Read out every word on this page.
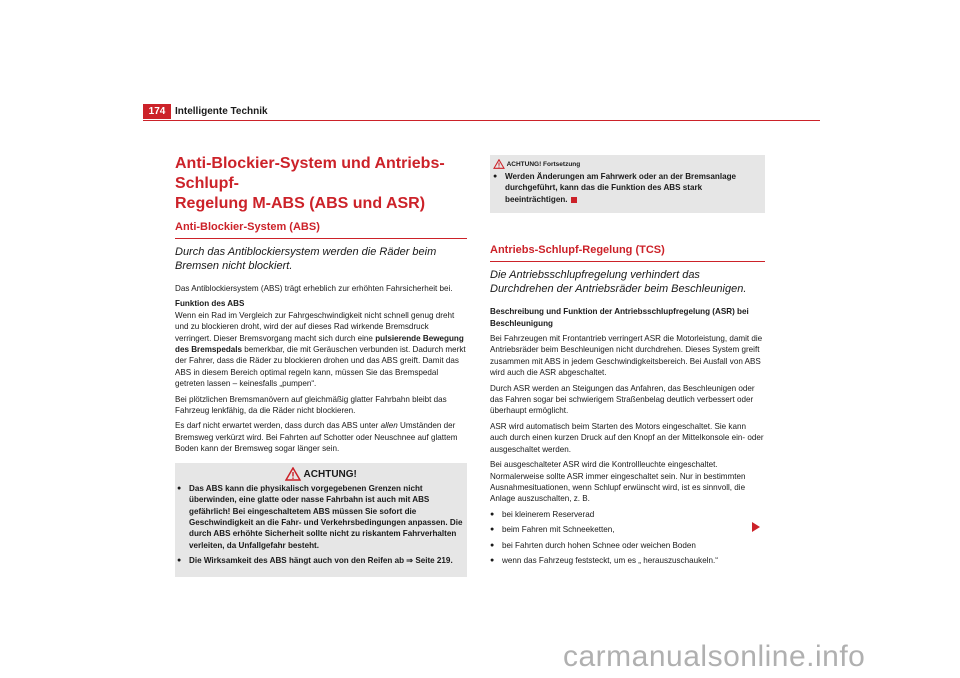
174 Intelligente Technik
Anti-Blockier-System und Antriebs-Schlupf-
Regelung M-ABS (ABS und ASR)
Anti-Blockier-System (ABS)
Durch das Antiblockiersystem werden die Räder beim Bremsen nicht blockiert.

Das Antiblockiersystem (ABS) trägt erheblich zur erhöhten Fahrsicherheit bei.

Funktion des ABS
Wenn ein Rad im Vergleich zur Fahrgeschwindigkeit nicht schnell genug dreht und zu blockieren droht, wird der auf dieses Rad wirkende Bremsdruck verringert. Dieser Bremsvorgang macht sich durch eine pulsierende Bewegung des Bremspedals bemerkbar, die mit Geräuschen verbunden ist. Dadurch merkt der Fahrer, dass die Räder zu blockieren drohen und das ABS greift. Damit das ABS in diesem Bereich optimal regeln kann, müssen Sie das Bremspedal getreten lassen – keinesfalls „pumpen“.

Bei plötzlichen Bremsmanövern auf gleichmäßig glatter Fahrbahn bleibt das Fahrzeug lenkfähig, da die Räder nicht blockieren.

Es darf nicht erwartet werden, dass durch das ABS unter allen Umständen der Bremsweg verkürzt wird. Bei Fahrten auf Schotter oder Neuschnee auf glattem Boden kann der Bremsweg sogar länger sein.

ACHTUNG!

● Das ABS kann die physikalisch vorgegebenen Grenzen nicht überwinden, eine glatte oder nasse Fahrbahn ist auch mit ABS gefährlich! Bei eingeschaltetem ABS müssen Sie sofort die Geschwindigkeit an die Fahr- und Verkehrsbedingungen anpassen. Die durch ABS erhöhte Sicherheit sollte nicht zu riskantem Fahrverhalten verleiten, da Unfallgefahr besteht.

● Die Wirksamkeit des ABS hängt auch von den Reifen ab ⇒ Seite 219.

ACHTUNG! Fortsetzung

● Werden Änderungen am Fahrwerk oder an der Bremsanlage durchgeführt, kann das die Funktion des ABS stark beeinträchtigen.

Antriebs-Schlupf-Regelung (TCS)
Die Antriebsschlupfregelung verhindert das Durchdrehen der Antriebsräder beim Beschleunigen.

Beschreibung und Funktion der Antriebsschlupfregelung (ASR) bei Beschleunigung

Bei Fahrzeugen mit Frontantrieb verringert ASR die Motorleistung, damit die Antriebsräder beim Beschleunigen nicht durchdrehen. Dieses System greift zusammen mit ABS in jedem Geschwindigkeitsbereich. Bei Ausfall von ABS wird auch die ASR abgeschaltet.

Durch ASR werden an Steigungen das Anfahren, das Beschleunigen oder das Fahren sogar bei schwierigem Straßenbelag deutlich verbessert oder überhaupt ermöglicht.

ASR wird automatisch beim Starten des Motors eingeschaltet. Sie kann auch durch einen kurzen Druck auf den Knopf an der Mittelkonsole ein- oder ausgeschaltet werden.

Bei ausgeschalteter ASR wird die Kontrollleuchte eingeschaltet. Normalerweise sollte ASR immer eingeschaltet sein. Nur in bestimmten Ausnahmesituationen, wenn Schlupf erwünscht wird, ist es sinnvoll, die Anlage auszuschalten, z. B.

● bei kleinerem Reserverad

● beim Fahren mit Schneeketten,

● bei Fahrten durch hohen Schnee oder weichen Boden

● wenn das Fahrzeug feststeckt, um es „ herauszuschaukeln.“

carmanualsonline.info
